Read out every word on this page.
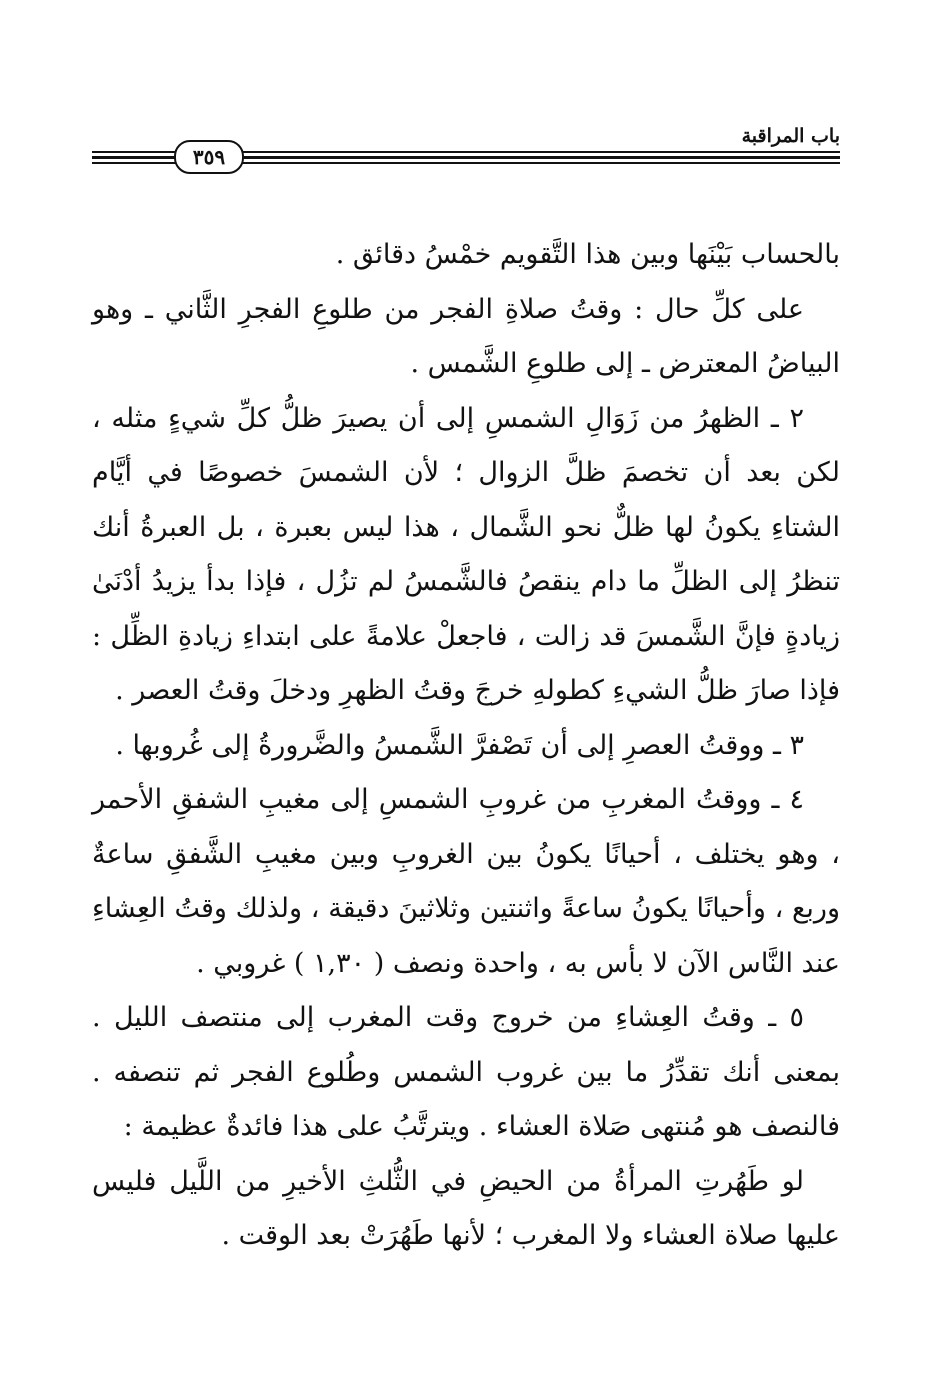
باب المراقبة
٣٥٩

بالحساب بَيْنَها وبين هذا التَّقويم خمْسُ دقائق .

على كلِّ حال : وقتُ صلاةِ الفجر من طلوعِ الفجرِ الثَّاني ـ وهو البياضُ المعترض ـ إلى طلوعِ الشَّمس .

٢ ـ الظهرُ من زَوَالِ الشمسِ إلى أن يصيرَ ظلُّ كلِّ شيءٍ مثله ، لكن بعد أن تخصمَ ظلَّ الزوال ؛ لأن الشمسَ خصوصًا في أيَّام الشتاءِ يكونُ لها ظلٌّ نحو الشَّمال ، هذا ليس بعبرة ، بل العبرةُ أنك تنظرُ إلى الظلِّ ما دام ينقصُ فالشَّمسُ لم تزُل ، فإذا بدأ يزيدُ أدْنَىٰ زيادةٍ فإنَّ الشَّمسَ قد زالت ، فاجعلْ علامةً على ابتداءِ زيادةِ الظِّل : فإذا صارَ ظلُّ الشيءِ كطولهِ خرجَ وقتُ الظهرِ ودخلَ وقتُ العصر .

٣ ـ ووقتُ العصرِ إلى أن تَصْفرَّ الشَّمسُ والضَّرورةُ إلى غُروبها .

٤ ـ ووقتُ المغربِ من غروبِ الشمسِ إلى مغيبِ الشفقِ الأحمر ، وهو يختلف ، أحيانًا يكونُ بين الغروبِ وبين مغيبِ الشَّفقِ ساعةٌ وربع ، وأحيانًا يكونُ ساعةً واثنتين وثلاثينَ دقيقة ، ولذلك وقتُ العِشاءِ عند النَّاس الآن لا بأس به ، واحدة ونصف ( ١,٣٠ ) غروبي .

٥ ـ وقتُ العِشاءِ من خروج وقت المغرب إلى منتصف الليل . بمعنى أنك تقدِّرُ ما بين غروب الشمس وطُلوع الفجر ثم تنصفه . فالنصف هو مُنتهى صَلاة العشاء . ويترتَّبُ على هذا فائدةٌ عظيمة :

لو طَهُرتِ المرأةُ من الحيضِ في الثُّلثِ الأخيرِ من اللَّيل فليس عليها صلاة العشاء ولا المغرب ؛ لأنها طَهُرَتْ بعد الوقت .
